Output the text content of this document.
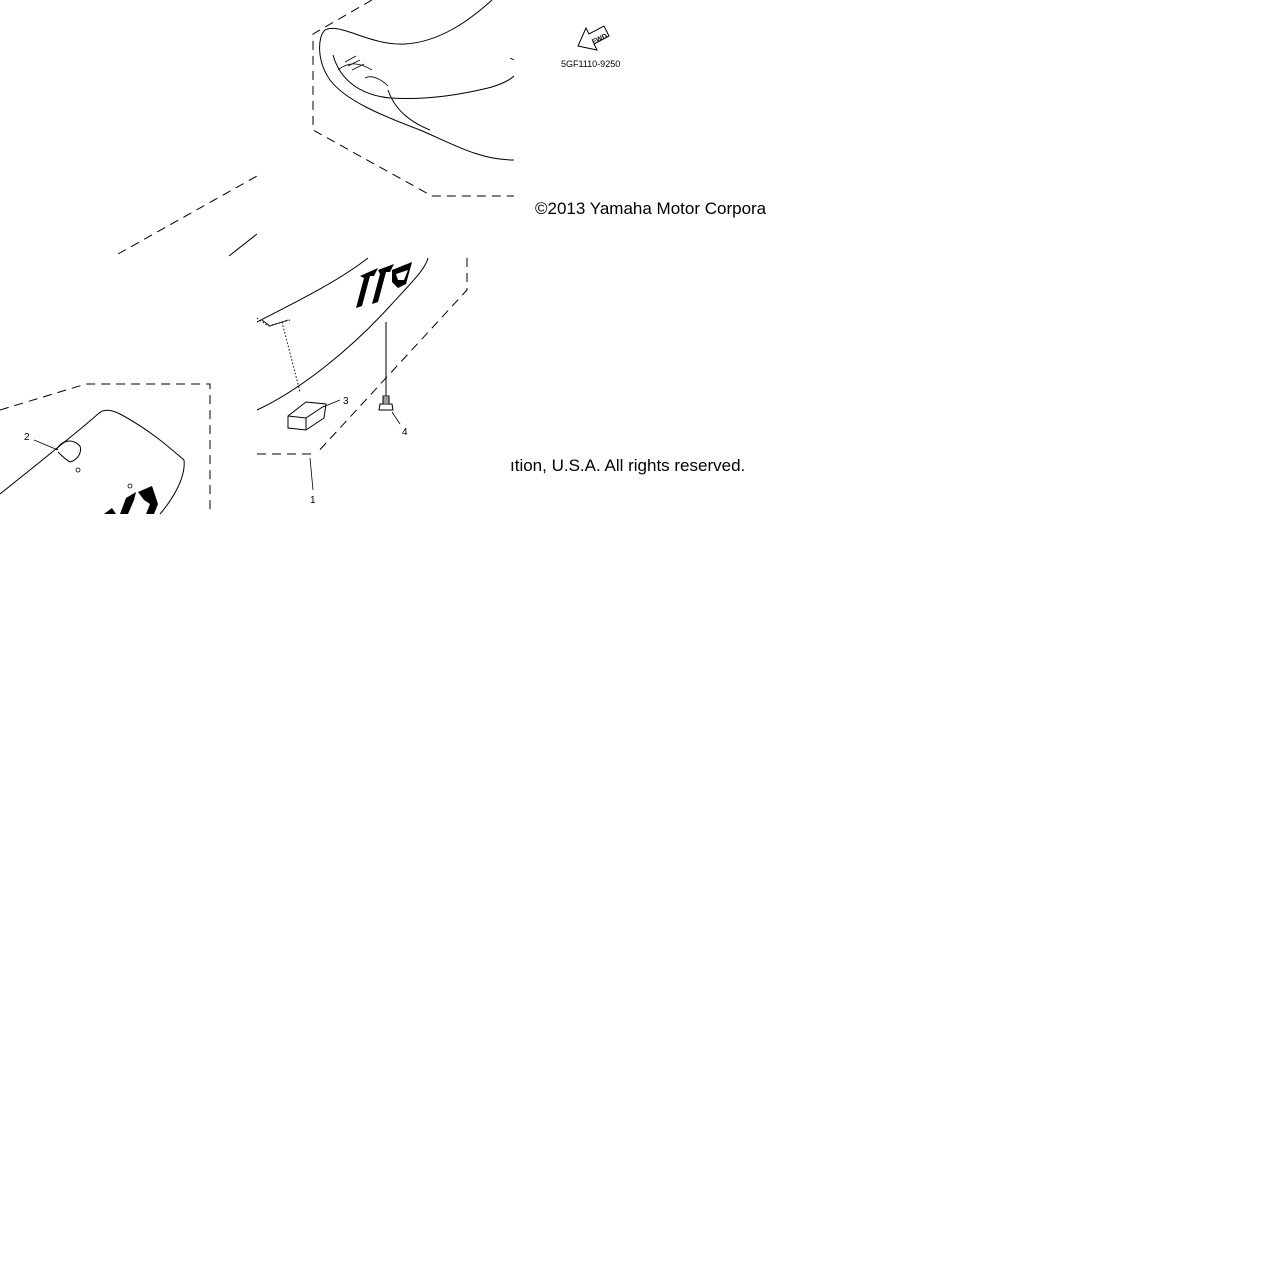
FWD
5GF1110-9250
©2013 Yamaha Motor Corpora
3
4
1
ıtion, U.S.A. All rights reserved.
2
